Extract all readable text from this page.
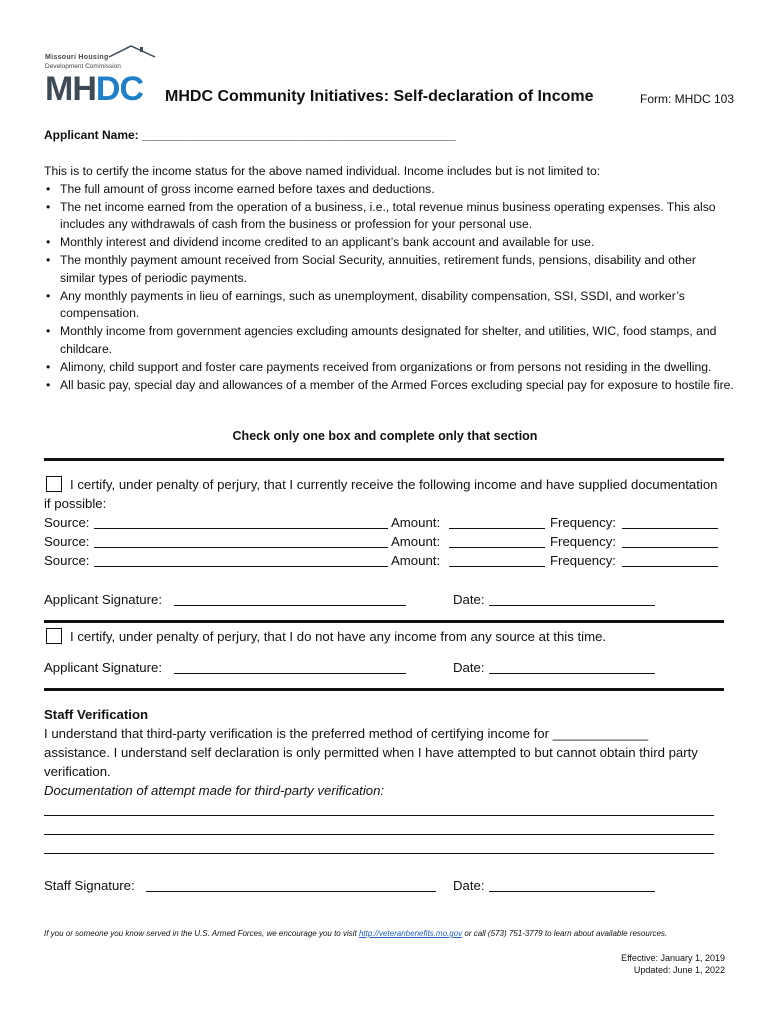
Missouri Housing
Development Commission
MHDC MHDC Community Initiatives: Self-declaration of Income	Form: MHDC 103
Applicant Name: _______________________________________________
This is to certify the income status for the above named individual. Income includes but is not limited to:
• The full amount of gross income earned before taxes and deductions.
• The net income earned from the operation of a business, i.e., total revenue minus business operating expenses. This also includes any withdrawals of cash from the business or profession for your personal use.
• Monthly interest and dividend income credited to an applicant’s bank account and available for use.
• The monthly payment amount received from Social Security, annuities, retirement funds, pensions, disability and other similar types of periodic payments.
• Any monthly payments in lieu of earnings, such as unemployment, disability compensation, SSI, SSDI, and worker’s compensation.
• Monthly income from government agencies excluding amounts designated for shelter, and utilities, WIC, food stamps, and childcare.
• Alimony, child support and foster care payments received from organizations or from persons not residing in the dwelling.
• All basic pay, special day and allowances of a member of the Armed Forces excluding special pay for exposure to hostile fire.
Check only one box and complete only that section
I certify, under penalty of perjury, that I currently receive the following income and have supplied documentation if possible:
Source:	Amount:	Frequency:
Source:	Amount:	Frequency:
Source:	Amount:	Frequency:
Applicant Signature:	Date:
I certify, under penalty of perjury, that I do not have any income from any source at this time.
Applicant Signature:	Date:
Staff Verification
I understand that third-party verification is the preferred method of certifying income for _____________
assistance. I understand self declaration is only permitted when I have attempted to but cannot obtain third party verification.
Documentation of attempt made for third-party verification:
Staff Signature:	Date:
If you or someone you know served in the U.S. Armed Forces, we encourage you to visit http://veteranbenefits.mo.gov or call (573) 751-3779 to learn about available resources.
Effective: January 1, 2019
Updated: June 1, 2022
